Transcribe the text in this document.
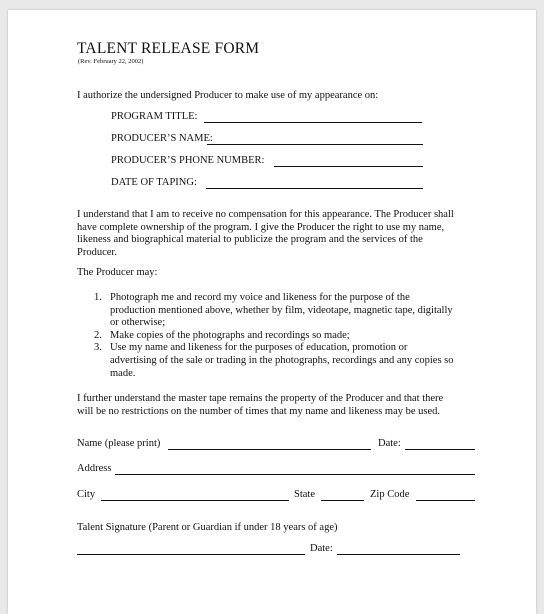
TALENT RELEASE FORM
(Rev. February 22, 2002)
I authorize the undersigned Producer to make use of my appearance on:
PROGRAM TITLE:
PRODUCER’S NAME:
PRODUCER’S PHONE NUMBER:
DATE OF TAPING:
I understand that I am to receive no compensation for this appearance. The Producer shall
have complete ownership of the program. I give the Producer the right to use my name,
likeness and biographical material to publicize the program and the services of the
Producer.
The Producer may:
1. Photograph me and record my voice and likeness for the purpose of the
production mentioned above, whether by film, videotape, magnetic tape, digitally
or otherwise;
2. Make copies of the photographs and recordings so made;
3. Use my name and likeness for the purposes of education, promotion or
advertising of the sale or trading in the photographs, recordings and any copies so
made.
I further understand the master tape remains the property of the Producer and that there
will be no restrictions on the number of times that my name and likeness may be used.
Name (please print)	Date:
Address
City	State	Zip Code
Talent Signature (Parent or Guardian if under 18 years of age)
Date:
